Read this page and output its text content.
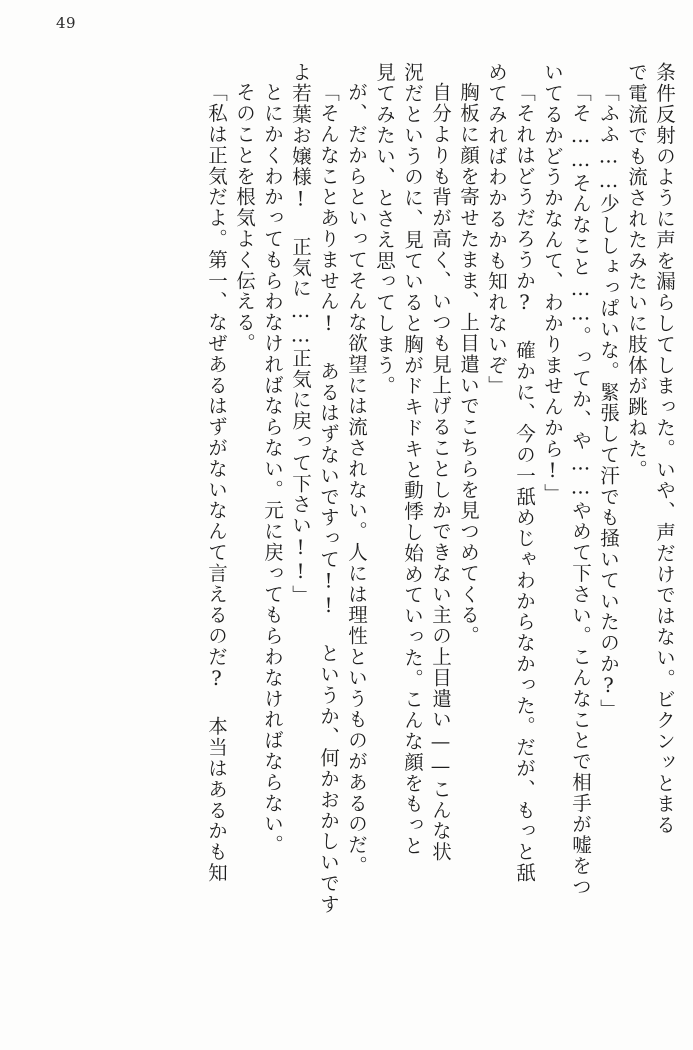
49
条件反射のように声を漏らしてしまった。いや、声だけではない。ビクンッとまる
で電流でも流されたみたいに肢体が跳ねた。
「ふふ……少ししょっぱいな。緊張して汗でも掻いていたのか?」
「そ……そんなこと……。ってか、や……やめて下さい。こんなことで相手が嘘をつ
いてるかどうかなんて、わかりませんから!」
「それはどうだろうか? 確かに、今の一舐めじゃわからなかった。だが、もっと舐
めてみればわかるかも知れないぞ」
胸板に顔を寄せたまま、上目遣いでこちらを見つめてくる。
自分よりも背が高く、いつも見上げることしかできない主の上目遣い——こんな状
況だというのに、見ていると胸がドキドキと動悸し始めていった。こんな顔をもっと
見てみたい、とさえ思ってしまう。
が、だからといってそんな欲望には流されない。人には理性というものがあるのだ。
「そんなことありません! あるはずないですって!! というか、何かおかしいです
よ若葉お嬢様! 正気に……正気に戻って下さい!!」
とにかくわかってもらわなければならない。元に戻ってもらわなければならない。
そのことを根気よく伝える。
「私は正気だよ。第一、なぜあるはずがないなんて言えるのだ? 本当はあるかも知
